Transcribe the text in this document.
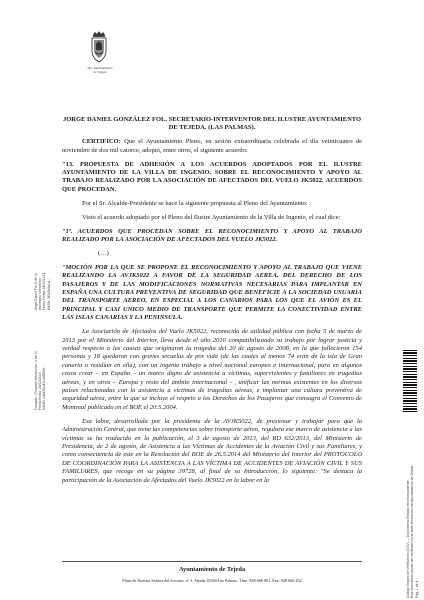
Ilte. Ayuntamiento
de Tejeda
Firmado: ( Firmado electrónico (1 de 2) Fecha Firma: 24/11/2014 HASH: 0a6e91b47c2d85f3e...

Jorge Daniel Fol (2 de 2) Secretario Interventor Fecha Firma: 24/11/2014 HASH: 3f0c2b9a1d...
Código Seguro de Verificación (CSV) — Documento firmado electrónicamente Este documento puede ser verificado en la sede electrónica del Ayuntamiento de Tejeda Pág. 1 de 4

JORGE DANIEL GONZÁLEZ FOL, SECRETARIO-INTERVENTOR DEL ILUSTRE AYUNTAMIENTO DE TEJEDA. (LAS PALMAS).

CERTIFICO: Que el Ayuntamiento Pleno, en sesión extraordinaria celebrada el día veinticuatro de noviembre de dos mil catorce, adoptó, entre otros, el siguiente acuerdo:

"13. PROPUESTA DE ADHESIÓN A LOS ACUERDOS ADOPTADOS POR EL ILUSTRE AYUNTAMIENTO DE LA VILLA DE INGENIO, SOBRE EL RECONOCIMIENTO Y APOYO AL TRABAJO REALIZADO POR LA ASOCIACIÓN DE AFECTADOS DEL VUELO JK5022. ACUERDOS QUE PROCEDAN.

Por el Sr. Alcalde-Presidente se hace la siguiente propuesta al Pleno del Ayuntamiento:

Visto el acuerdo adoptado por el Pleno del Ilustre Ayuntamiento de la Villa de Ingenio, el cual dice:

"1º. ACUERDOS QUE PROCEDAN SOBRE EL RECONOCIMIENTO Y APOYO AL TRABAJO REALIZADO POR LA ASOCIACIÓN DE AFECTADOS DEL VUELO JK5022.

(…)

"MOCIÓN POR LA QUE SE PROPONE EL RECONOCIMIENTO Y APOYO AL TRABAJO QUE VIENE REALIZANDO LA AVJK5022 A FAVOR DE LA SEGURIDAD AEREA, DEL DERECHO DE LOS PASAJEROS Y DE LAS MODIFICACIONES NORMATIVAS NECESARIAS PARA IMPLANTAR EN ESPAÑA UNA CULTURA PREVENTIVA DE SEGURIDAD QUE BENEFICIE A LA SOCIEDAD USUARIA DEL TRANSPORTE AEREO, EN ESPECIAL A LOS CANARIOS PARA LOS QUE EL AVIÓN ES EL PRINCIPAL Y CASI UNICO MEDIO DE TRANSPORTE QUE PERMITE LA CONECTIVIDAD ENTRE LAS ISLAS CANARIAS Y LA PENINSULA.

La Asociación de Afectados del Vuelo JK5022, reconocida de utilidad pública con fecha 5 de marzo de 2013 por el Ministerio del Interior, lleva desde el año 2010 compatibilizando su trabajo por lograr justicia y verdad respecto a las causas que originaron la tragedia del 20 de agosto de 2008, en la que fallecieron 154 personas y 18 quedaron con graves secuelas de por vida (de las cuales al menos 74 eran de la isla de Gran canaria o residían en ella), con un ingente trabajo a nivel nacional europeo e internacional, para en algunos casos crear – en España – un marco digno de asistencia a víctimas, supervivientes y familiares en tragedias aéreas, y en otros – Europa y resto del ámbito internacional - , unificar las normas existentes en los diversos países relacionadas con la asistencia a víctimas de tragedias aéreas, e implantar una cultura preventiva de seguridad aérea, entre la que se incluye el respeto a los Derechos de los Pasajeros que consagra el Convenio de Montreal publicado en el BOE el 20.5.2004.

Esa labor, desarrollada por la presidenta de la AVJK5022, de presionar y trabajar para que la Administración Central, que tiene las competencias sobre transporte aéreo, regulara ese marco de asistencia a las víctimas se ha traducido en la publicación, el 3 de agosto de 2013, del RD 632/2013, del Ministerio de Presidencia, de 2 de agosto, de Asistencia a las Víctimas de Accidentes de la Aviación Civil y sus Familiares, y como consecuencia de este en la Resolución del BOE de 26.5.2014 del Ministerio del Interior del PROTOCOLO DE COORDINACIÓN PARA LA ASISTENCIA A LAS VÍCTIMA DE ACCIDENTES DE AVIACIÓN CIVIL Y SUS FAMILIARES, que recoge en su página 39728, al final de su Introducción, lo siguiente: "Se destaca la participación de la Asociación de Afectados del Vuelo JK5022 en la labor en la

Ayuntamiento de Tejeda
Plaza de Nuestra Señora del Socorro, nº 3, Tejeda 35360 Las Palmas. Tfno. 928 666 001. Fax: 928 666 252
